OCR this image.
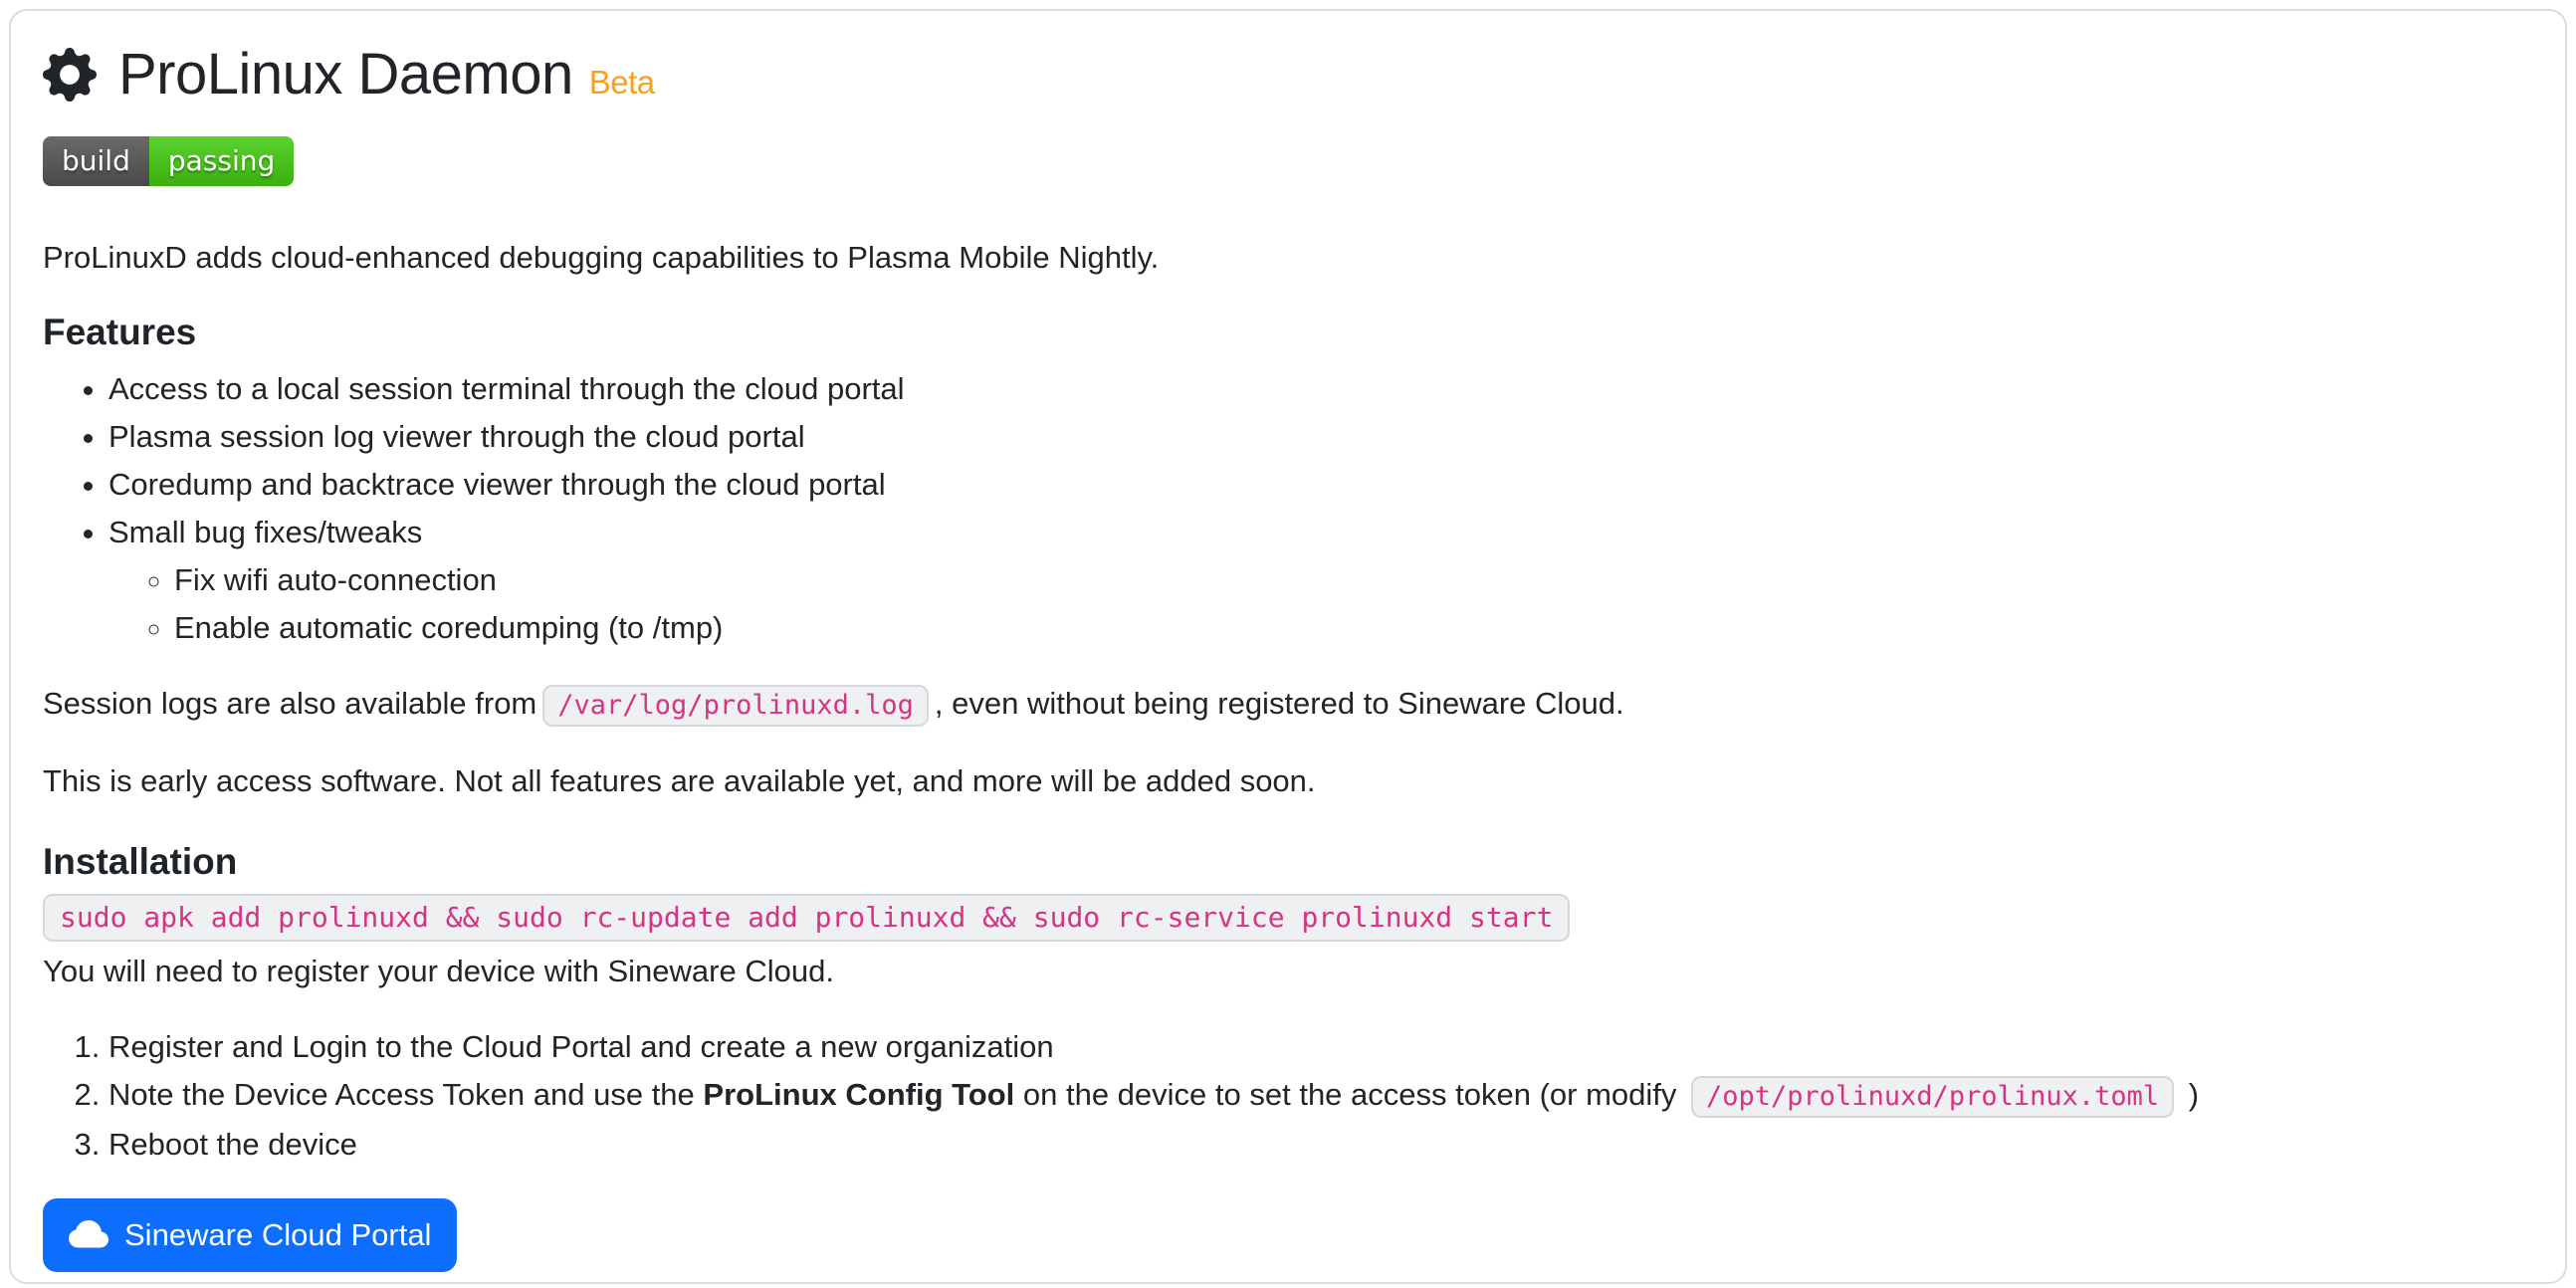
ProLinux Daemon Beta
build	passing

ProLinuxD adds cloud-enhanced debugging capabilities to Plasma Mobile Nightly.

Features
• Access to a local session terminal through the cloud portal
• Plasma session log viewer through the cloud portal
• Coredump and backtrace viewer through the cloud portal
• Small bug fixes/tweaks
◦ Fix wifi auto-connection
◦ Enable automatic coredumping (to /tmp)

Session logs are also available from /var/log/prolinuxd.log , even without being registered to Sineware Cloud.

This is early access software. Not all features are available yet, and more will be added soon.

Installation

sudo apk add prolinuxd && sudo rc-update add prolinuxd && sudo rc-service prolinuxd start

You will need to register your device with Sineware Cloud.

1. Register and Login to the Cloud Portal and create a new organization
2. Note the Device Access Token and use the ProLinux Config Tool on the device to set the access token (or modify /opt/prolinuxd/prolinux.toml )
3. Reboot the device
Sineware Cloud Portal
